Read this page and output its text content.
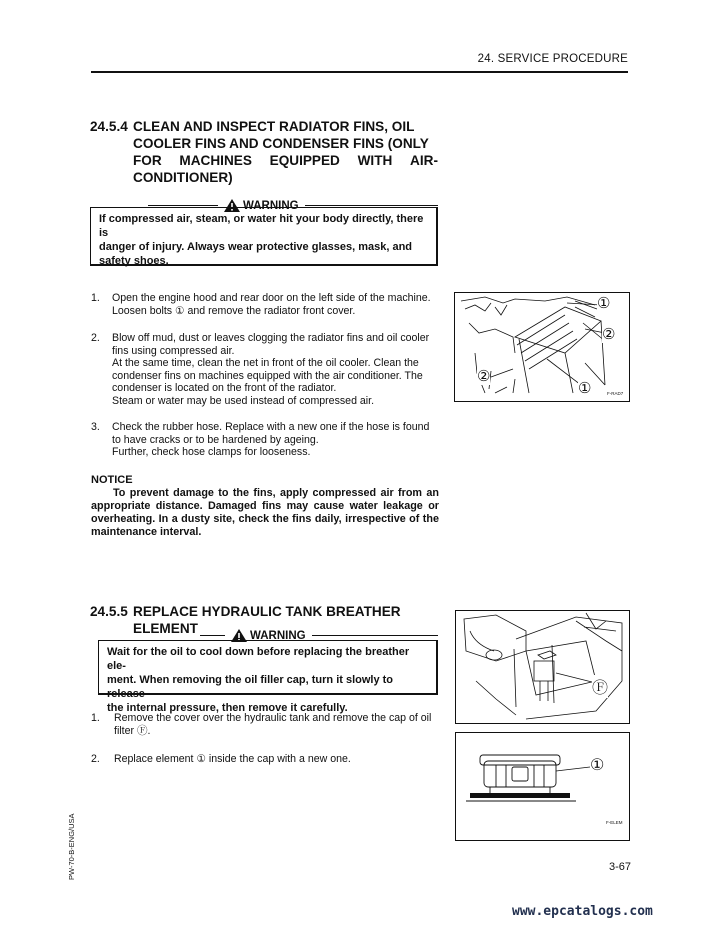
24. SERVICE PROCEDURE
24.5.4 CLEAN AND INSPECT RADIATOR FINS, OIL
COOLER FINS AND CONDENSER FINS (ONLY
FOR MACHINES EQUIPPED WITH AIR-
CONDITIONER)
WARNING
If compressed air, steam, or water hit your body directly, there is
danger of injury. Always wear protective glasses, mask, and
safety shoes.
1. Open the engine hood and rear door on the left side of the machine.

Loosen bolts ① and remove the radiator front cover.

2. Blow off mud, dust or leaves clogging the radiator fins and oil cooler

fins using compressed air.

At the same time, clean the net in front of the oil cooler. Clean the

condenser fins on machines equipped with the air conditioner. The

condenser is located on the front of the radiator.

Steam or water may be used instead of compressed air.

3. Check the rubber hose. Replace with a new one if the hose is found

to have cracks or to be hardened by ageing.

Further, check hose clamps for looseness.

NOTICE
To prevent damage to the fins, apply compressed air from an appropriate distance. Damaged fins may cause water leakage or overheating. In a dusty site, check the fins daily, irrespective of the maintenance interval.
①
②
②
①	F-RAD7
24.5.5 REPLACE HYDRAULIC TANK BREATHER
ELEMENT	WARNING
Wait for the oil to cool down before replacing the breather ele-
ment. When removing the oil filler cap, turn it slowly to release
the internal pressure, then remove it carefully.
1. Remove the cover over the hydraulic tank and remove the cap of oil

filter Ⓕ.

2. Replace element ① inside the cap with a new one.

Ⓕ
①
F-ELEM
PW-70-B-ENG/USA	3-67
www.epcatalogs.com
